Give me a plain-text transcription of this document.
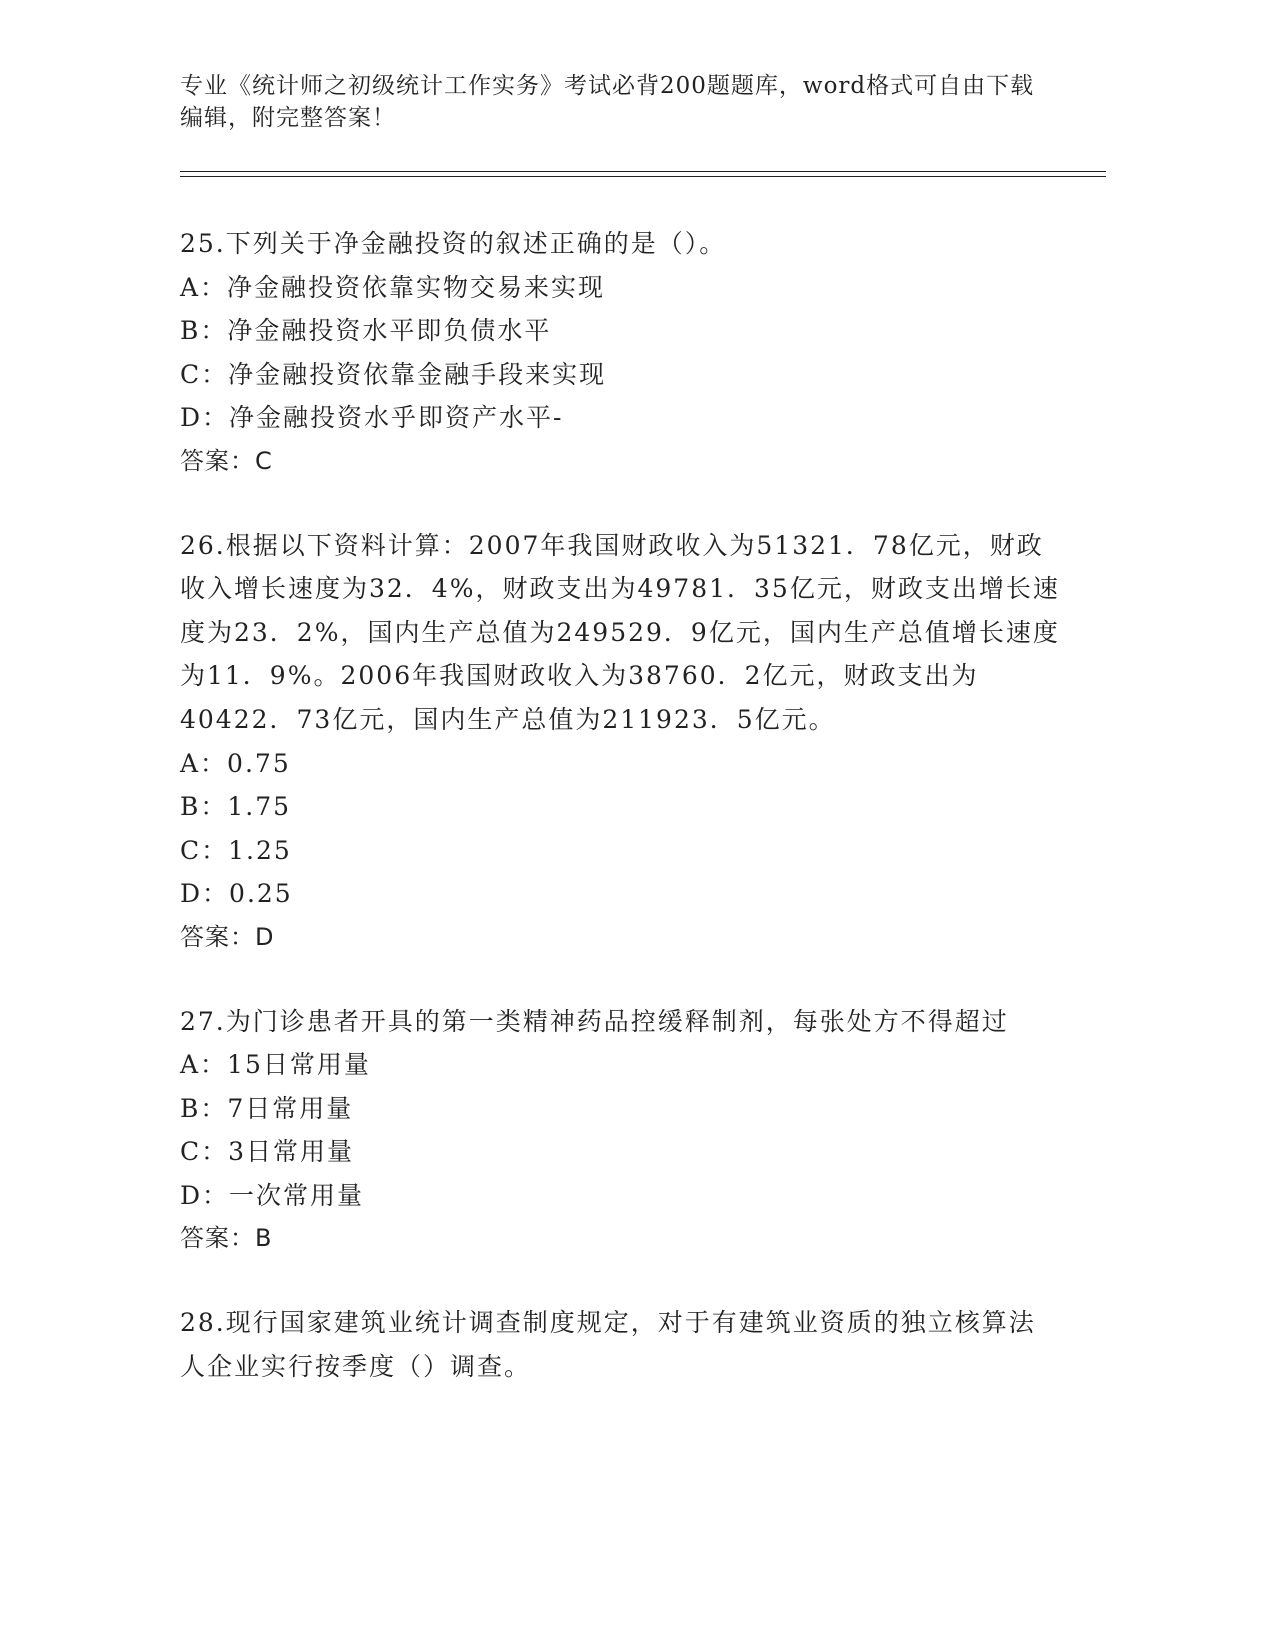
专业《统计师之初级统计工作实务》考试必背200题题库，word格式可自由下载编辑，附完整答案！
25.下列关于净金融投资的叙述正确的是（）。
A：净金融投资依靠实物交易来实现
B：净金融投资水平即负债水平
C：净金融投资依靠金融手段来实现
D：净金融投资水乎即资产水平-
答案：C
26.根据以下资料计算：2007年我国财政收入为51321．78亿元，财政收入增长速度为32．4%，财政支出为49781．35亿元，财政支出增长速度为23．2%，国内生产总值为249529．9亿元，国内生产总值增长速度为11．9%。2006年我国财政收入为38760．2亿元，财政支出为40422．73亿元，国内生产总值为211923．5亿元。
A：0.75
B：1.75
C：1.25
D：0.25
答案：D
27.为门诊患者开具的第一类精神药品控缓释制剂，每张处方不得超过
A：15日常用量
B：7日常用量
C：3日常用量
D：一次常用量
答案：B
28.现行国家建筑业统计调查制度规定，对于有建筑业资质的独立核算法人企业实行按季度（）调查。
